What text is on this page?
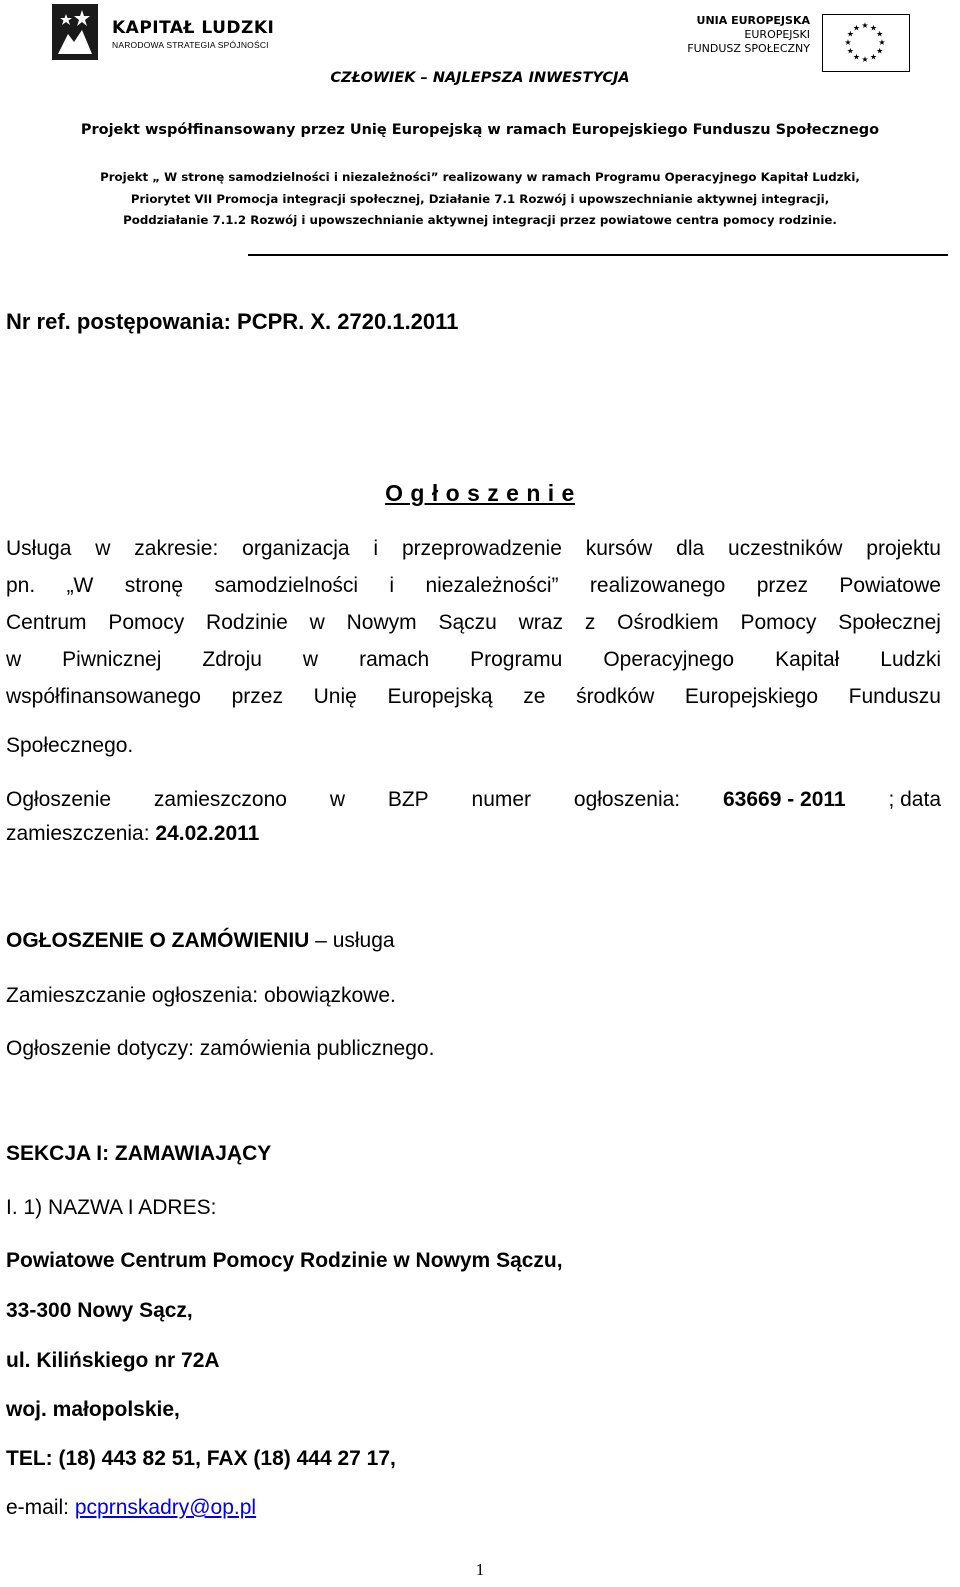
KAPITAŁ LUDZKI
NARODOWA STRATEGIA SPÓJNOŚCI
UNIA EUROPEJSKA
EUROPEJSKI
FUNDUSZ SPOŁECZNY	★
★
★
★
★
★
★
★
★ ★ ★
★
CZŁOWIEK – NAJLEPSZA INWESTYCJA
Projekt współfinansowany przez Unię Europejską w ramach Europejskiego Funduszu Społecznego
Projekt „ W stronę samodzielności i niezależności” realizowany w ramach Programu Operacyjnego Kapitał Ludzki,
Priorytet VII Promocja integracji społecznej, Działanie 7.1 Rozwój i upowszechnianie aktywnej integracji,
Poddziałanie 7.1.2 Rozwój i upowszechnianie aktywnej integracji przez powiatowe centra pomocy rodzinie.
Nr ref. postępowania: PCPR. X. 2720.1.2011
O g ł o s z e n i e
Usługa w zakresie: organizacja i przeprowadzenie kursów dla uczestników projektu
pn. „W stronę samodzielności i niezależności” realizowanego przez Powiatowe
Centrum Pomocy Rodzinie w Nowym Sączu wraz z Ośrodkiem Pomocy Społecznej
w Piwnicznej Zdroju w ramach Programu Operacyjnego Kapitał Ludzki
współfinansowanego przez Unię Europejską ze środków Europejskiego Funduszu
Społecznego.
Ogłoszenie zamieszczono w BZP numer ogłoszenia: 63669 - 2011 ; data
zamieszczenia: 24.02.2011
OGŁOSZENIE O ZAMÓWIENIU – usługa
Zamieszczanie ogłoszenia: obowiązkowe.
Ogłoszenie dotyczy: zamówienia publicznego.
SEKCJA I: ZAMAWIAJĄCY
I. 1) NAZWA I ADRES:
Powiatowe Centrum Pomocy Rodzinie w Nowym Sączu,
33-300 Nowy Sącz,
ul. Kilińskiego nr 72A
woj. małopolskie,
TEL: (18) 443 82 51, FAX (18) 444 27 17,
e-mail: pcprnskadry@op.pl
1
